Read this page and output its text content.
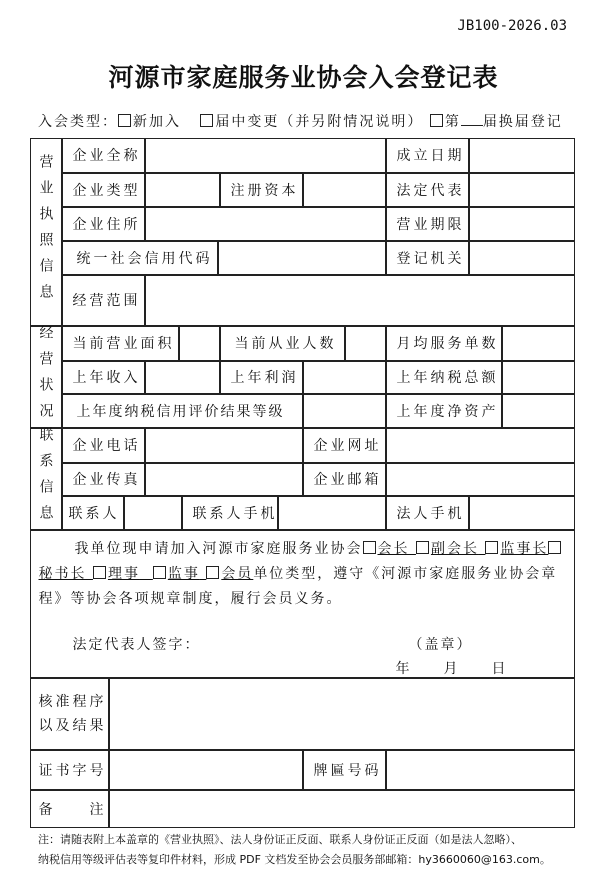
JB100-2026.03
河源市家庭服务业协会入会登记表
入会类型： 新加入 届中变更（并另附情况说明） 第 届换届登记
营业执照信息
经营状况
联系信息
企业全称	成立日期
企业类型	注册资本	法定代表
企业住所	营业期限
统一社会信用代码	登记机关
经营范围
当前营业面积	当前从业人数	月均服务单数
上年收入	上年利润	上年纳税总额
上年度纳税信用评价结果等级	上年度净资产
企业电话	企业网址
企业传真	企业邮箱
联系人	联系人手机	法人手机
我单位现申请加入河源市家庭服务业协会 会长 副会长 监事长秘书长 理事 监事 会员单位类型，遵守《河源市家庭服务业协会章程》等协会各项规章制度，履行会员义务。
法定代表人签字：	（盖章）
年　　月　　日
核准程序以及结果
证书字号	牌匾号码
备　　注
注：请随表附上本盖章的《营业执照》、法人身份证正反面、联系人身份证正反面（如是法人忽略）、
纳税信用等级评估表等复印件材料，形成 PDF 文档发至协会会员服务部邮箱：hy3660060@163.com。
